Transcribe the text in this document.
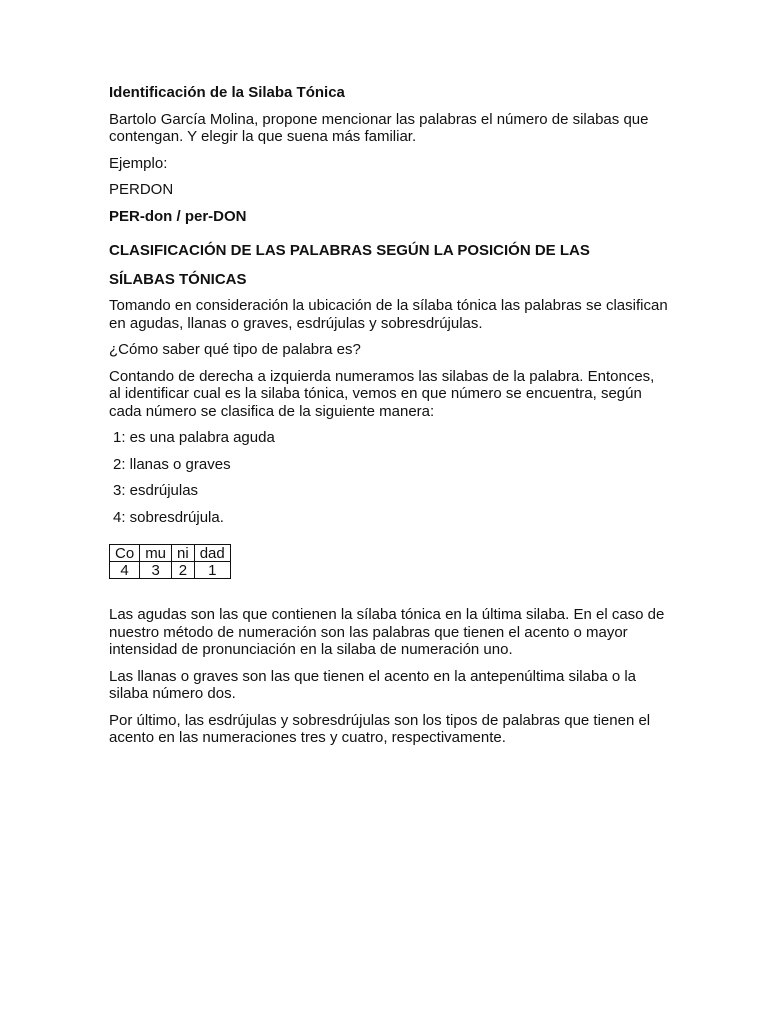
Identificación de la Silaba Tónica

Bartolo García Molina, propone mencionar las palabras el número de silabas que contengan. Y elegir la que suena más familiar.

Ejemplo:

PERDON

PER-don / per-DON

CLASIFICACIÓN DE LAS PALABRAS SEGÚN LA POSICIÓN DE LAS

SÍLABAS TÓNICAS

Tomando en consideración la ubicación de la sílaba tónica las palabras se clasifican en agudas, llanas o graves, esdrújulas y sobresdrújulas.

¿Cómo saber qué tipo de palabra es?

Contando de derecha a izquierda numeramos las silabas de la palabra. Entonces, al identificar cual es la silaba tónica, vemos en que número se encuentra, según cada número se clasifica de la siguiente manera:

1: es una palabra aguda

2: llanas o graves

3: esdrújulas

4: sobresdrújula.

Co	mu	ni	dad
4	3	2	1

Las agudas son las que contienen la sílaba tónica en la última silaba. En el caso de nuestro método de numeración son las palabras que tienen el acento o mayor intensidad de pronunciación en la silaba de numeración uno.

Las llanas o graves son las que tienen el acento en la antepenúltima silaba o la silaba número dos.

Por último, las esdrújulas y sobresdrújulas son los tipos de palabras que tienen el acento en las numeraciones tres y cuatro, respectivamente.
